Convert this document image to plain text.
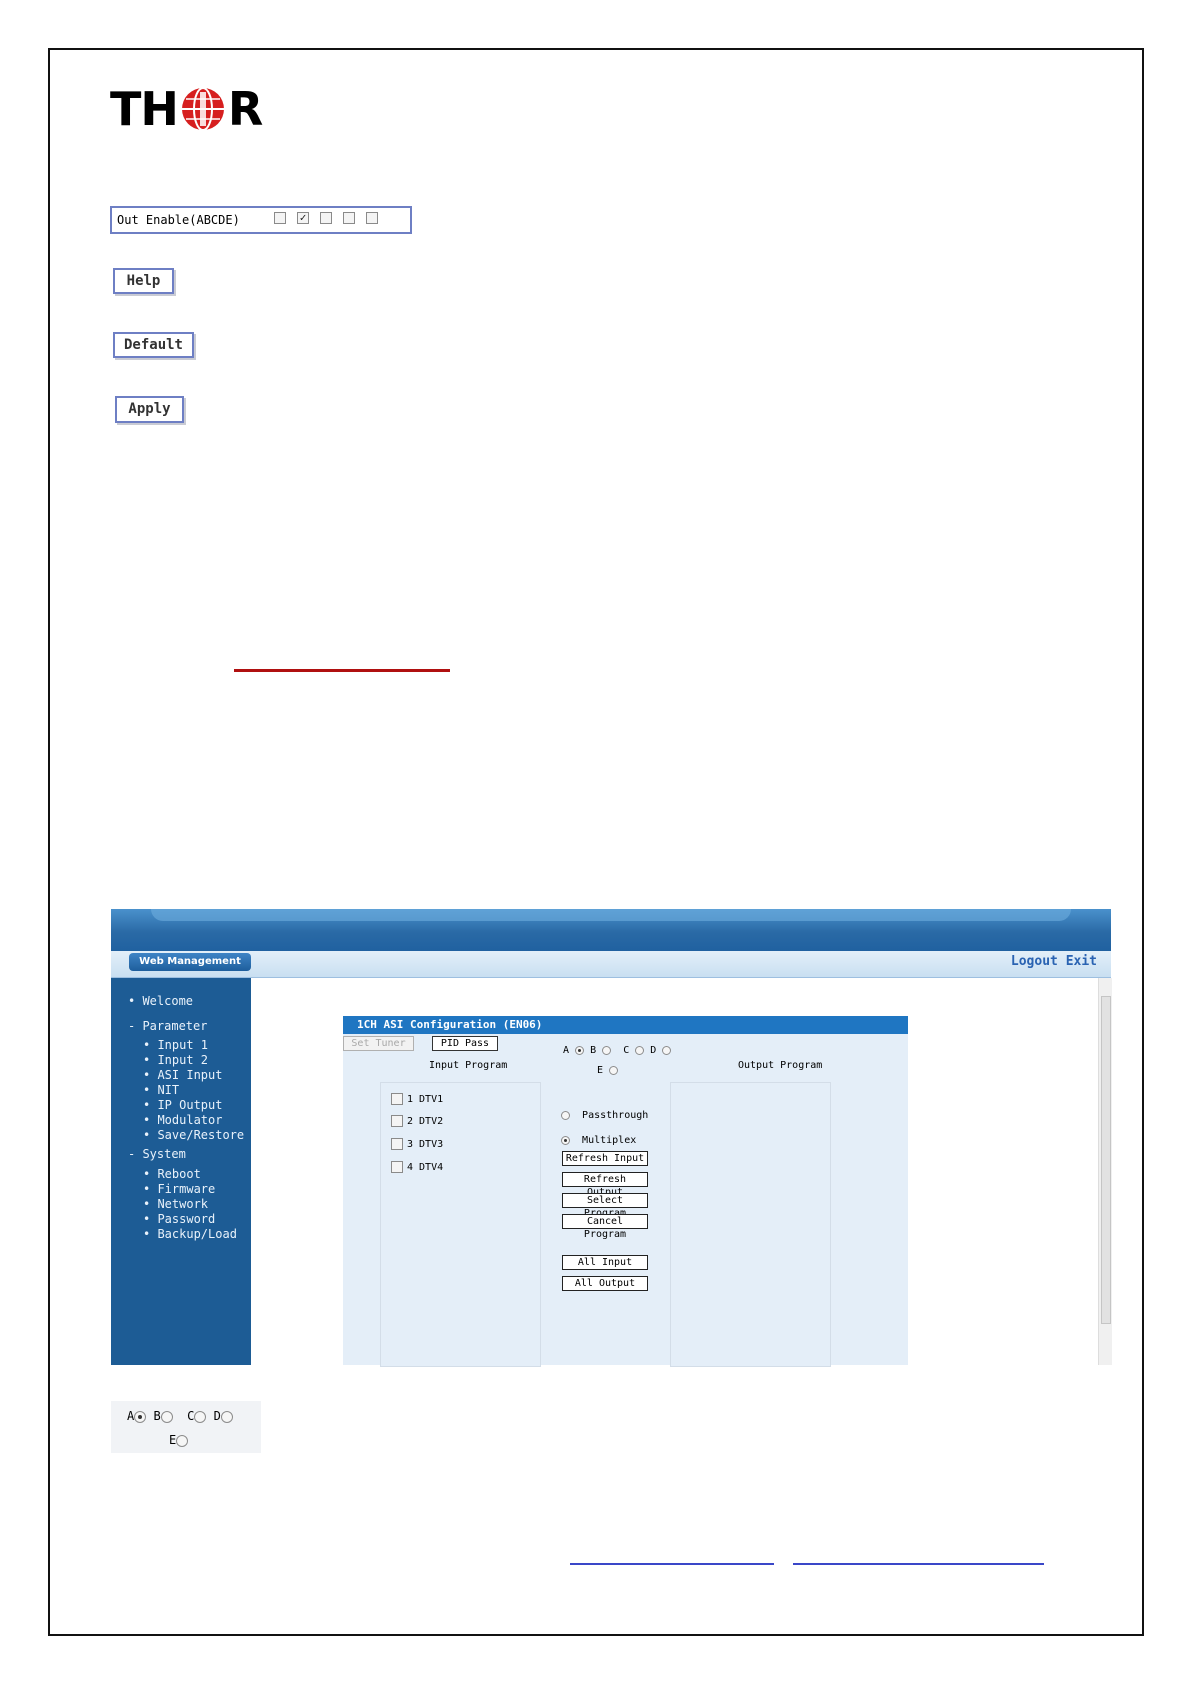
TH R
Out Enable(ABCDE)	✓
Help
Default
Apply
Web Management	Logout Exit
• Welcome
- Parameter
• Input 1
• Input 2
• ASI Input
• NIT
• IP Output
• Modulator
• Save/Restore
- System
• Reboot
• Firmware
• Network
• Password
• Backup/Load
1CH ASI Configuration (EN06)
Set Tuner	PID Pass
Input Program	Output Program
A B	C D
E
1 DTV1
2 DTV2
3 DTV3
4 DTV4
Passthrough
Multiplex
Refresh Input
Refresh
Select
Cancel Program
All Input
All Output
A B C D
E
